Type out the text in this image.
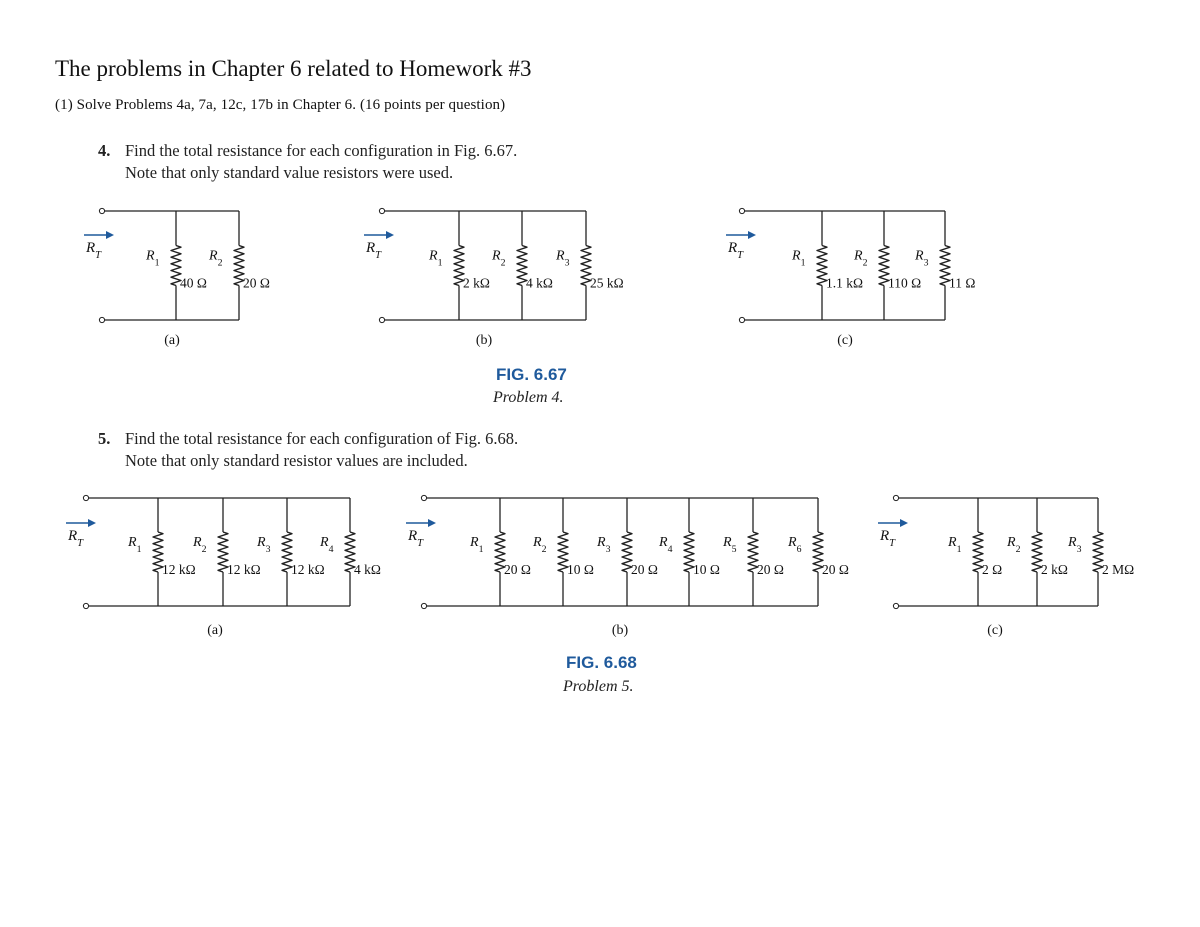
The problems in Chapter 6 related to Homework #3
(1) Solve Problems 4a, 7a, 12c, 17b in Chapter 6. (16 points per question)
4. Find the total resistance for each configuration in Fig. 6.67.
Note that only standard value resistors were used.
5. Find the total resistance for each configuration of Fig. 6.68.
Note that only standard resistor values are included.
FIG. 6.67
Problem 4.
FIG. 6.68
Problem 5.
$R_T$	$R_1$
40 Ω
$R_2$
20 Ω
(a)
$R_T$	$R_1$
2 kΩ
$R_2$
4 kΩ
$R_3$
25 kΩ
(b)
$R_T$	$R_1$
1.1 kΩ
$R_2$
110 Ω
$R_3$
11 Ω
(c)
$R_T$	$R_1$
12 kΩ
$R_2$
12 kΩ
$R_3$
12 kΩ
$R_4$
4 kΩ
(a)
$R_T$	$R_1$
20 Ω
$R_2$
10 Ω
$R_3$
20 Ω
$R_4$
10 Ω
$R_5$
20 Ω
$R_6$
20 Ω
(b)
$R_T$	$R_1$
2 Ω
$R_2$
2 kΩ
$R_3$
2 MΩ
(c)
